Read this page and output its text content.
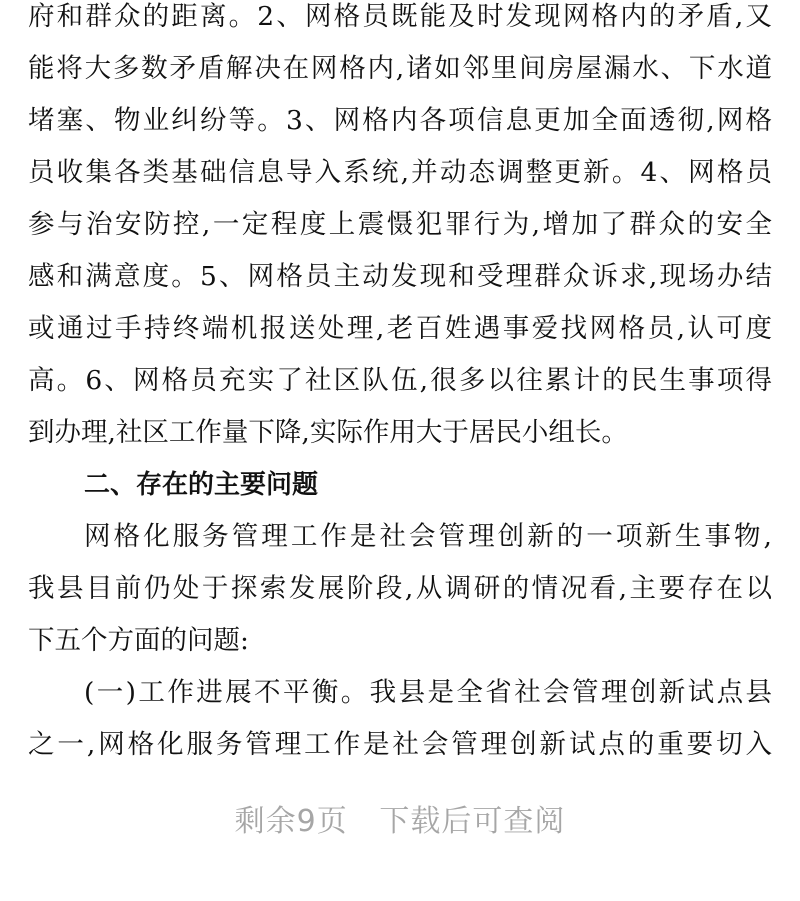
府和群众的距离。2、网格员既能及时发现网格内的矛盾,又
能将大多数矛盾解决在网格内,诸如邻里间房屋漏水、下水道
堵塞、物业纠纷等。3、网格内各项信息更加全面透彻,网格
员收集各类基础信息导入系统,并动态调整更新。4、网格员
参与治安防控,一定程度上震慑犯罪行为,增加了群众的安全
感和满意度。5、网格员主动发现和受理群众诉求,现场办结
或通过手持终端机报送处理,老百姓遇事爱找网格员,认可度
高。6、网格员充实了社区队伍,很多以往累计的民生事项得
到办理,社区工作量下降,实际作用大于居民小组长。
二、存在的主要问题
网格化服务管理工作是社会管理创新的一项新生事物,
我县目前仍处于探索发展阶段,从调研的情况看,主要存在以
下五个方面的问题:
(一)工作进展不平衡。我县是全省社会管理创新试点县
之一,网格化服务管理工作是社会管理创新试点的重要切入
剩余9页 下载后可查阅
